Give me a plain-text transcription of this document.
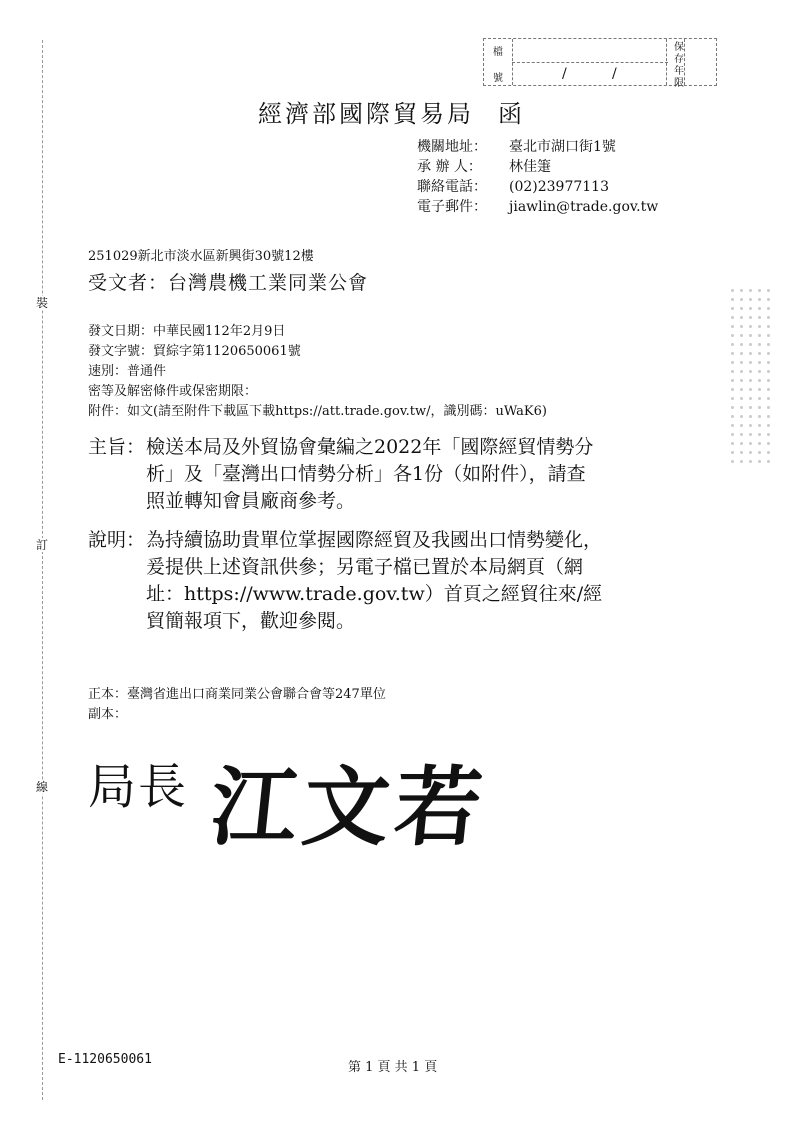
裝
訂
線
檔
號	/	/
保存年限
經濟部國際貿易局 函
機關地址： 臺北市湖口街1號
承 辦 人： 林佳箑
聯絡電話： (02)23977113
電子郵件： jiawlin@trade.gov.tw
251029新北市淡水區新興街30號12樓
受文者：台灣農機工業同業公會
發文日期：中華民國112年2月9日
發文字號：貿綜字第1120650061號
速別：普通件
密等及解密條件或保密期限：
附件：如文(請至附件下載區下載https://att.trade.gov.tw/，識別碼：uWaK6)
主旨： 檢送本局及外貿協會彙編之2022年「國際經貿情勢分
析」及「臺灣出口情勢分析」各1份（如附件），請查
照並轉知會員廠商參考。
說明： 為持續協助貴單位掌握國際經貿及我國出口情勢變化，
爰提供上述資訊供參；另電子檔已置於本局網頁（網
址：https://www.trade.gov.tw）首頁之經貿往來/經
貿簡報項下，歡迎參閱。
正本：臺灣省進出口商業同業公會聯合會等247單位
副本：
局長 江文若
E-1120650061
第 1 頁 共 1 頁
